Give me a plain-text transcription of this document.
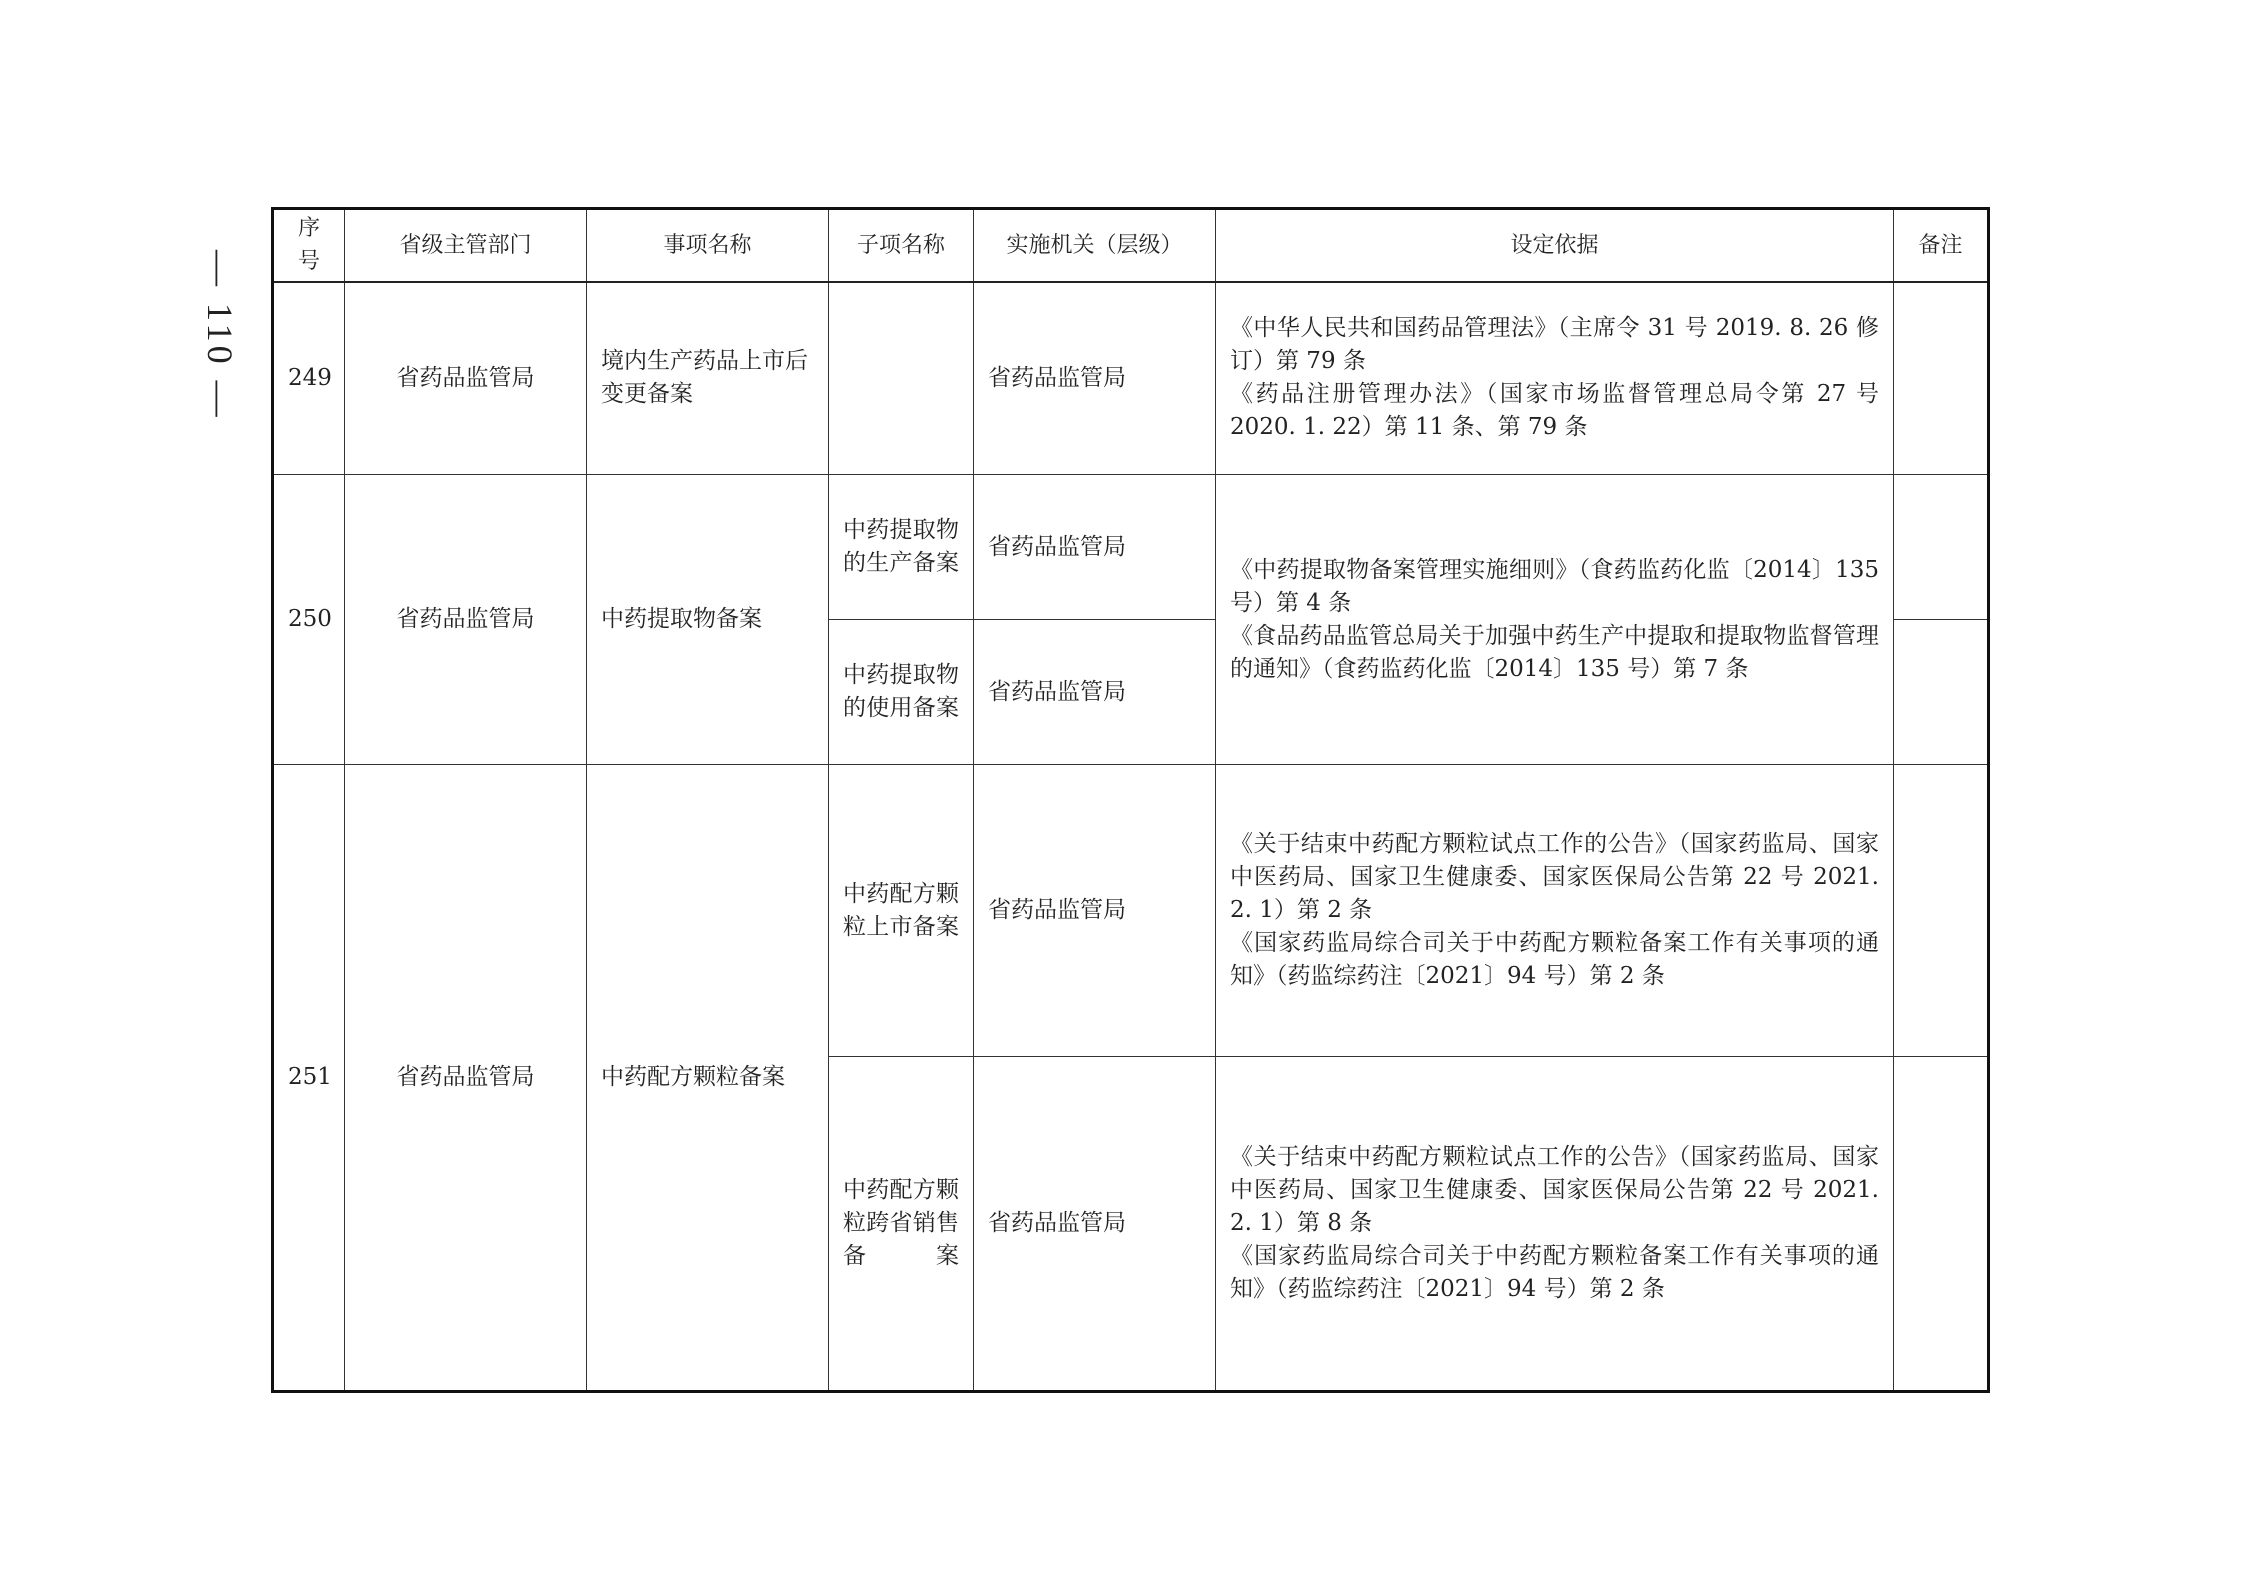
— 110 —
序号	省级主管部门	事项名称	子项名称	实施机关（层级）	设定依据	备注
249	省药品监管局	境内生产药品上市后变更备案		省药品监管局	《中华人民共和国药品管理法》（主席令 31 号 2019. 8. 26 修订）第 79 条
《药品注册管理办法》（国家市场监督管理总局令第 27 号 2020. 1. 22）第 11 条、第 79 条	

250	省药品监管局	中药提取物备案	中药提取物的生产备案	省药品监管局	《中药提取物备案管理实施细则》（食药监药化监〔2014〕135 号）第 4 条
《食品药品监管总局关于加强中药生产中提取和提取物监督管理的通知》（食药监药化监〔2014〕135 号）第 7 条	

			中药提取物的使用备案	省药品监管局		
251	省药品监管局	中药配方颗粒备案	中药配方颗粒上市备案	省药品监管局	《关于结束中药配方颗粒试点工作的公告》（国家药监局、国家中医药局、国家卫生健康委、国家医保局公告第 22 号 2021. 2. 1）第 2 条
《国家药监局综合司关于中药配方颗粒备案工作有关事项的通知》（药监综药注〔2021〕94 号）第 2 条	

			中药配方颗粒跨省销售备案	省药品监管局	《关于结束中药配方颗粒试点工作的公告》（国家药监局、国家中医药局、国家卫生健康委、国家医保局公告第 22 号 2021. 2. 1）第 8 条
《国家药监局综合司关于中药配方颗粒备案工作有关事项的通知》（药监综药注〔2021〕94 号）第 2 条	
